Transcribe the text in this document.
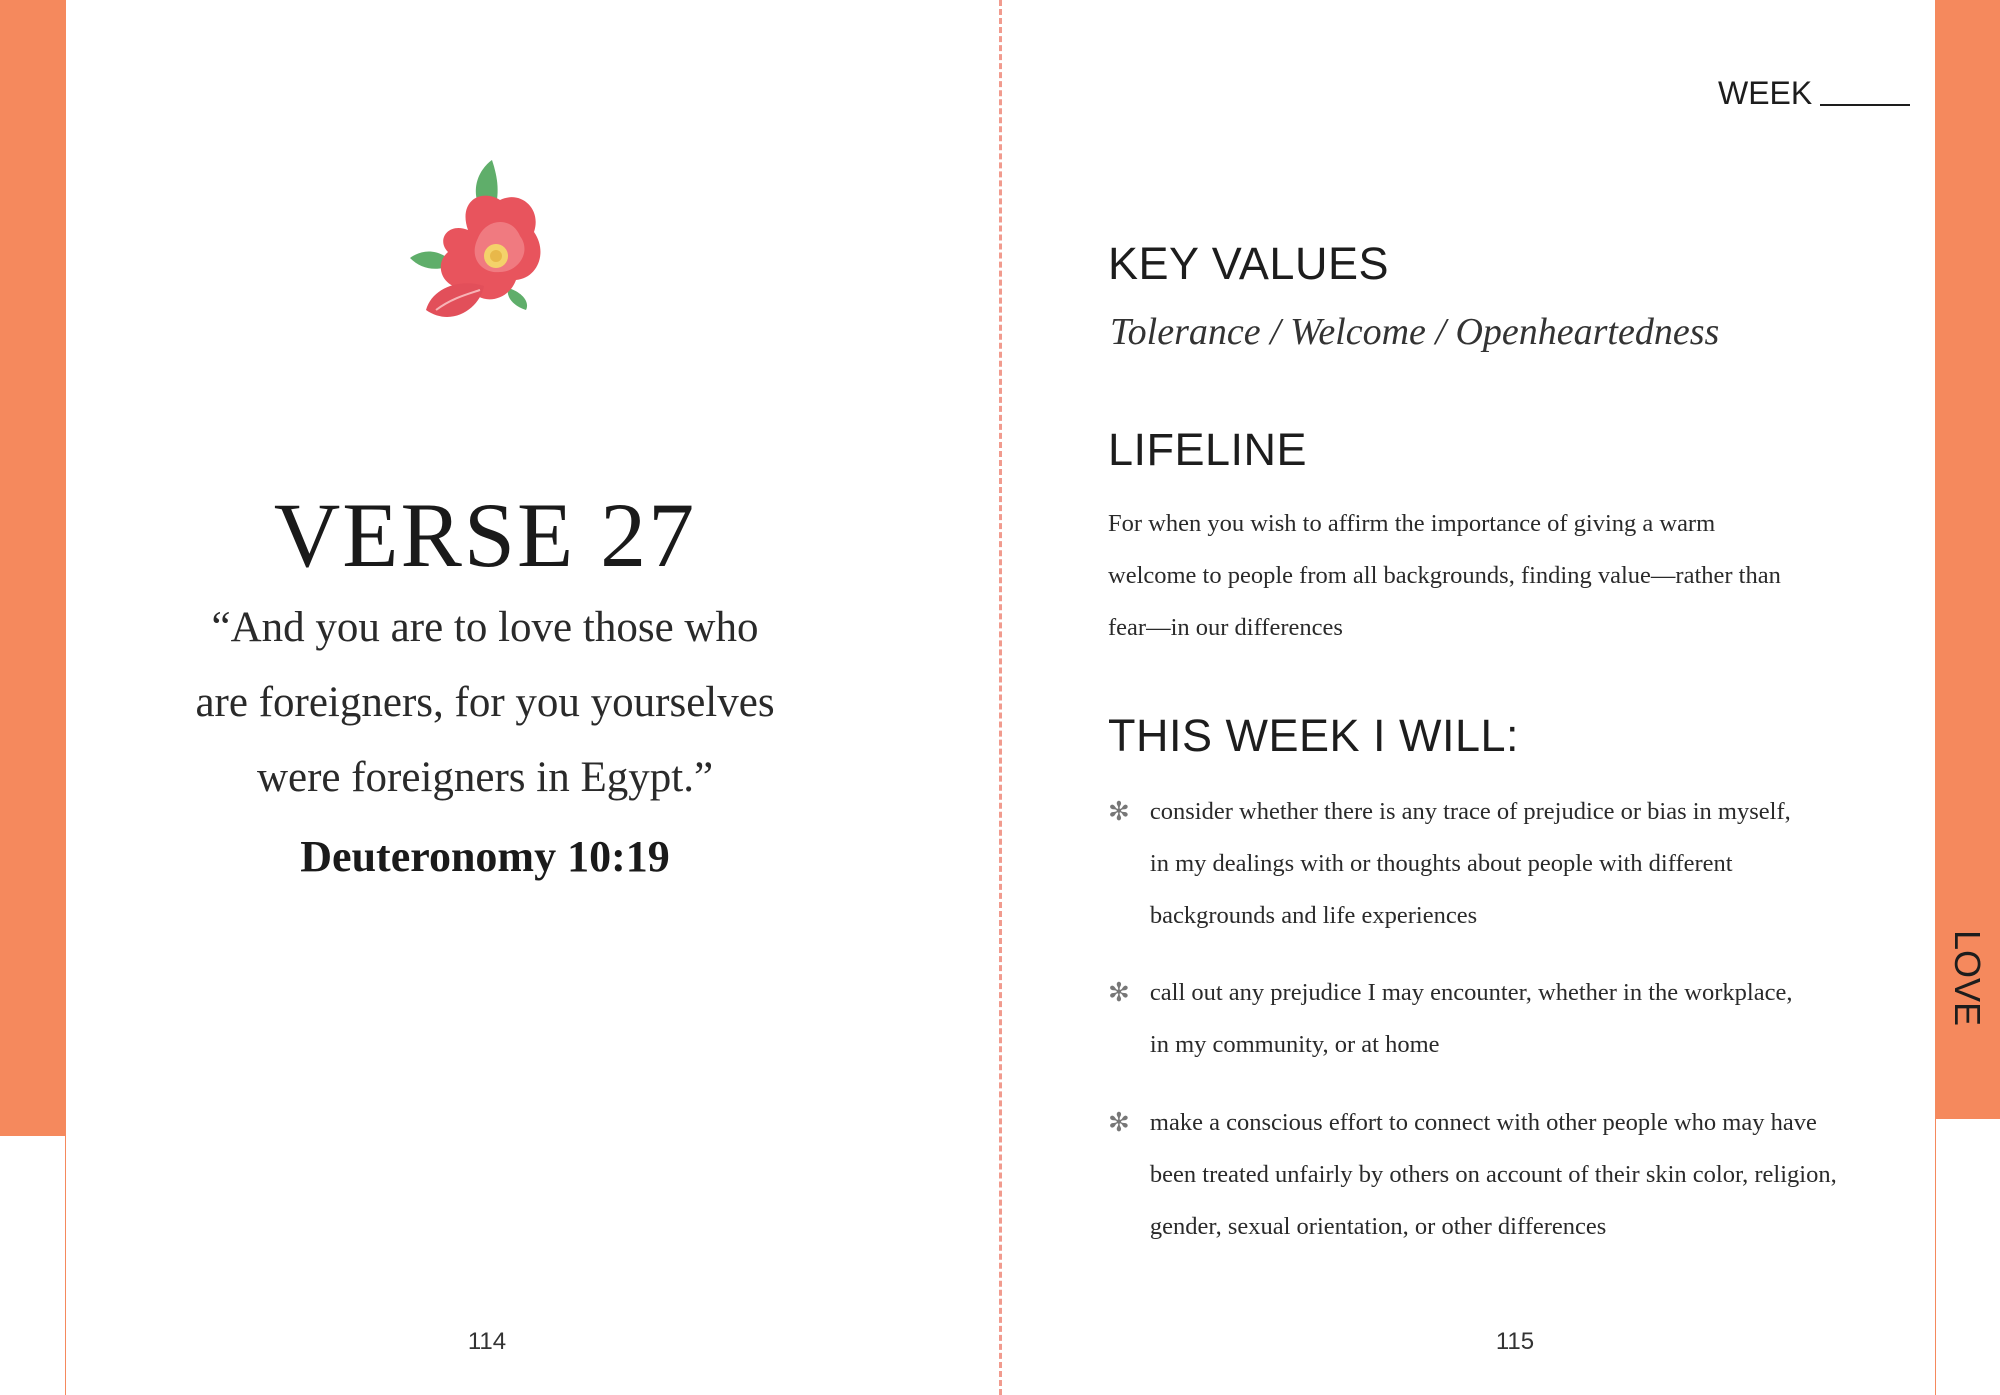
LOVE
VERSE 27
“And you are to love those who
are foreigners, for you yourselves
were foreigners in Egypt.”
Deuteronomy 10:19
114
WEEK
KEY VALUES
Tolerance / Welcome / Openheartedness
LIFELINE
For when you wish to affirm the importance of giving a warm
welcome to people from all backgrounds, finding value—rather than
fear—in our differences
THIS WEEK I WILL:
✻ consider whether there is any trace of prejudice or bias in myself,
in my dealings with or thoughts about people with different
backgrounds and life experiences
✻ call out any prejudice I may encounter, whether in the workplace,
in my community, or at home
✻ make a conscious effort to connect with other people who may have
been treated unfairly by others on account of their skin color, religion,
gender, sexual orientation, or other differences
115
